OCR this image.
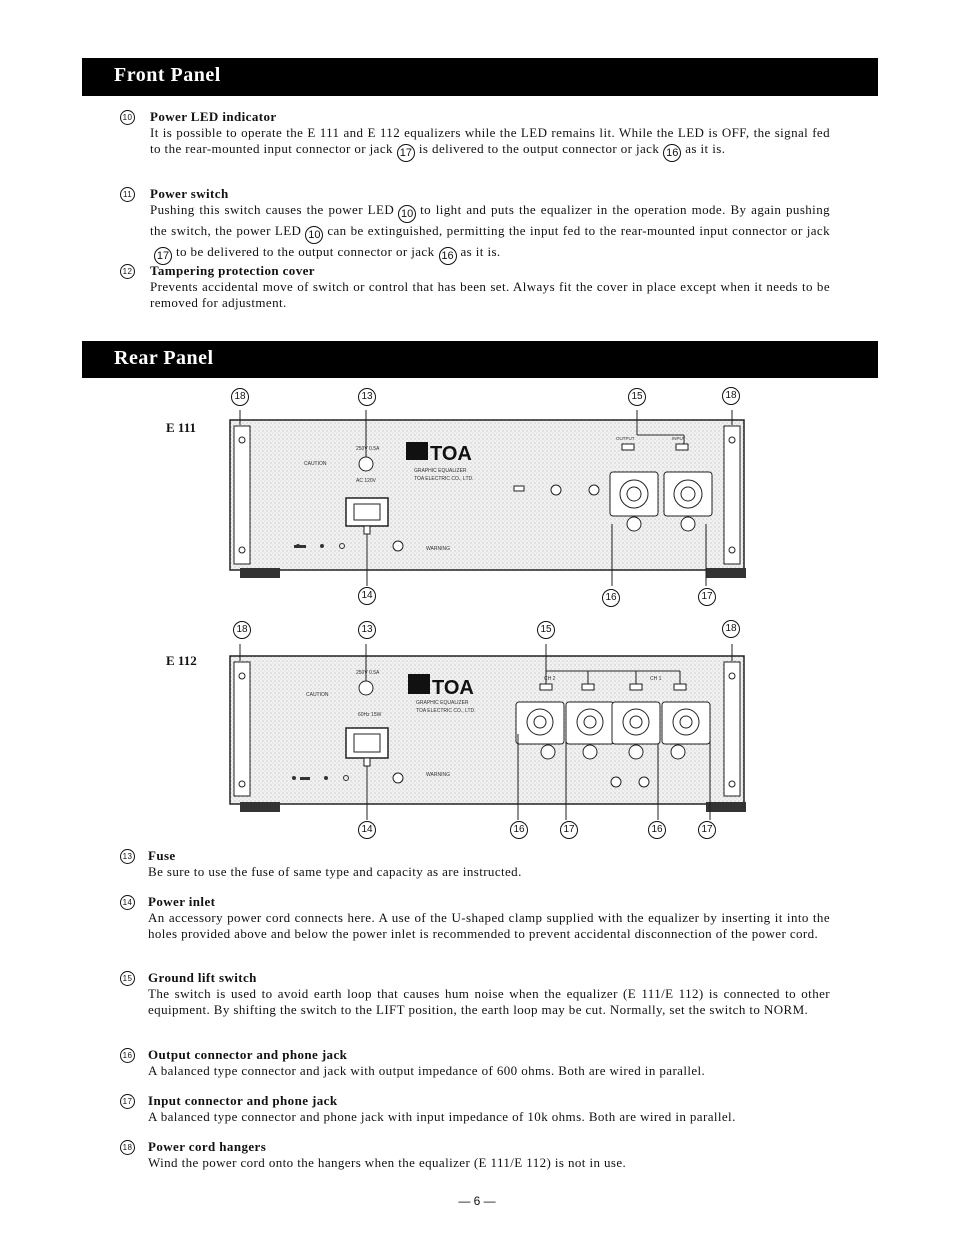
Front Panel
10 Power LED indicator
It is possible to operate the E 111 and E 112 equalizers while the LED remains lit. While the LED is OFF, the signal fed to the rear-mounted input connector or jack 17 is delivered to the output connector or jack 16 as it is.
11 Power switch
Pushing this switch causes the power LED 10 to light and puts the equalizer in the operation mode. By again pushing the switch, the power LED 10 can be extinguished, permitting the input fed to the rear-mounted input connector or jack17 to be delivered to the output connector or jack 16 as it is.
12 Tampering protection cover
Prevents accidental move of switch or control that has been set. Always fit the cover in place except when it needs to be removed for adjustment.
Rear Panel
E 111
CAUTION
250V 0.5A
AC 120V
TOA
GRAPHIC EQUALIZER
TOA ELECTRIC CO., LTD.
WARNING
OUTPUT	INPUT
18	13	15	18
14	16	17
E 112
CAUTION
250V 0.5A
60Hz 15W
TOA
GRAPHIC EQUALIZER
TOA ELECTRIC CO., LTD.
WARNING
CH 2	CH 1
18	13	15	18
14	16	17	16	17
13 Fuse
Be sure to use the fuse of same type and capacity as are instructed.
14 Power inlet
An accessory power cord connects here. A use of the U-shaped clamp supplied with the equalizer by inserting it into the holes provided above and below the power inlet is recommended to prevent accidental disconnection of the power cord.
15 Ground lift switch
The switch is used to avoid earth loop that causes hum noise when the equalizer (E 111/E 112) is connected to other equipment. By shifting the switch to the LIFT position, the earth loop may be cut. Normally, set the switch to NORM.
16 Output connector and phone jack
A balanced type connector and jack with output impedance of 600 ohms. Both are wired in parallel.
17 Input connector and phone jack
A balanced type connector and phone jack with input impedance of 10k ohms. Both are wired in parallel.
18 Power cord hangers
Wind the power cord onto the hangers when the equalizer (E 111/E 112) is not in use.
— 6 —
